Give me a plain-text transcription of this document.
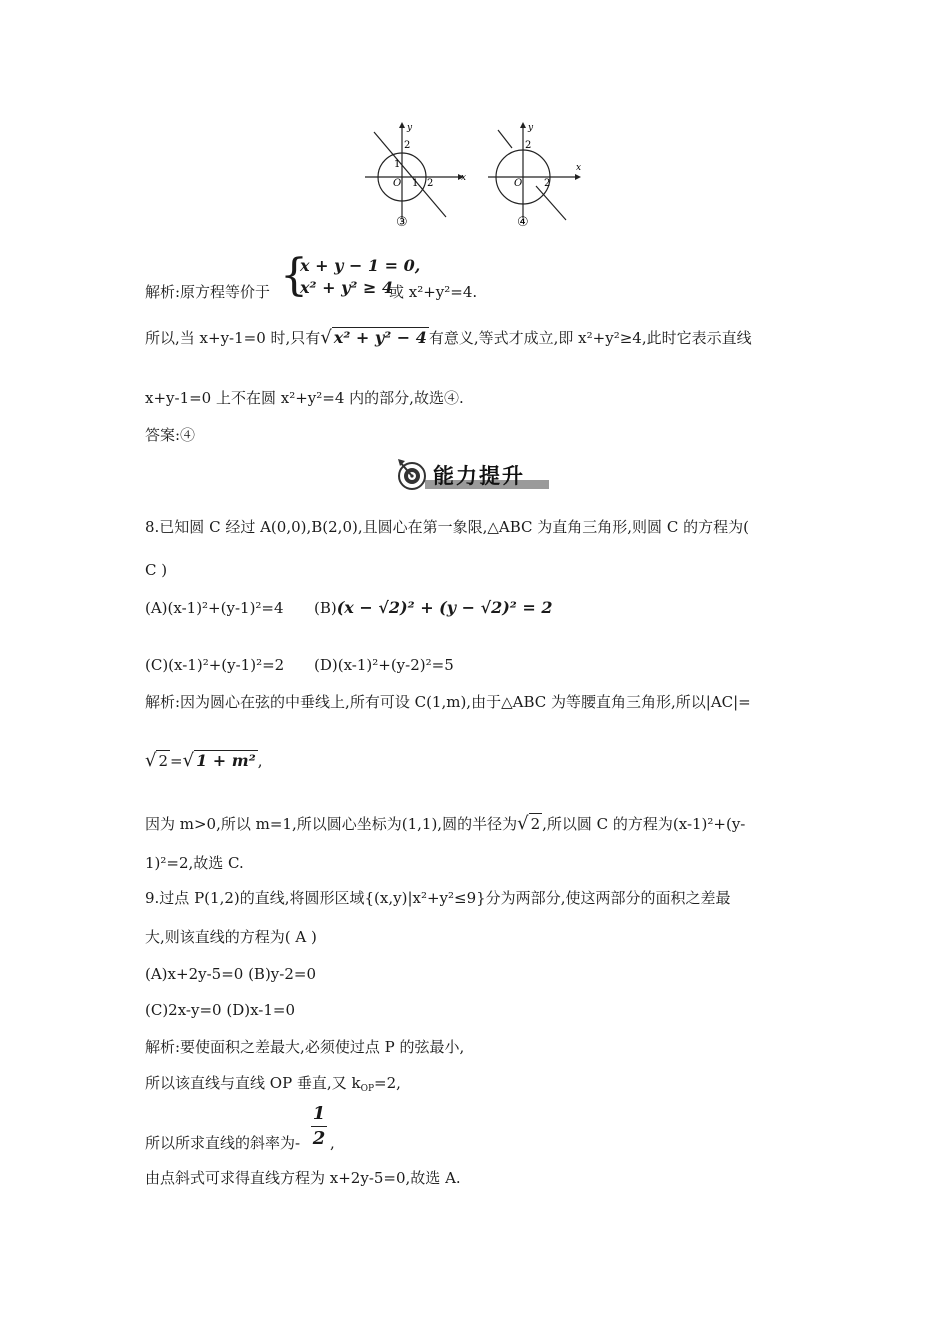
y
x
2
1
O 1 2
③
y
x
2
O 2
④
{
x + y − 1 = 0,
x² + y² ≥ 4
解析:原方程等价于	或 x²+y²=4.
所以,当 x+y-1=0 时,只有√ x² + y² − 4 有意义,等式才成立,即 x²+y²≥4,此时它表示直线
x+y-1=0 上不在圆 x²+y²=4 内的部分,故选④.
答案:④
能力提升
8.已知圆 C 经过 A(0,0),B(2,0),且圆心在第一象限,△ABC 为直角三角形,则圆 C 的方程为(
C )
(A)(x-1)²+(y-1)²=4 (B)(x − √2)² + (y − √2)² = 2
(C)(x-1)²+(y-1)²=2 (D)(x-1)²+(y-2)²=5
解析:因为圆心在弦的中垂线上,所有可设 C(1,m),由于△ABC 为等腰直角三角形,所以|AC|=
√ 2 =√ 1 + m² ,
因为 m>0,所以 m=1,所以圆心坐标为(1,1),圆的半径为√ 2 ,所以圆 C 的方程为(x-1)²+(y-
1)²=2,故选 C.
9.过点 P(1,2)的直线,将圆形区域{(x,y)|x²+y²≤9}分为两部分,使这两部分的面积之差最
大,则该直线的方程为( A )
(A)x+2y-5=0 (B)y-2=0
(C)2x-y=0 (D)x-1=0
解析:要使面积之差最大,必须使过点 P 的弦最小,
所以该直线与直线 OP 垂直,又 $k_{OP}=2$,
1
2
所以所求直线的斜率为- ,
由点斜式可求得直线方程为 x+2y-5=0,故选 A.
